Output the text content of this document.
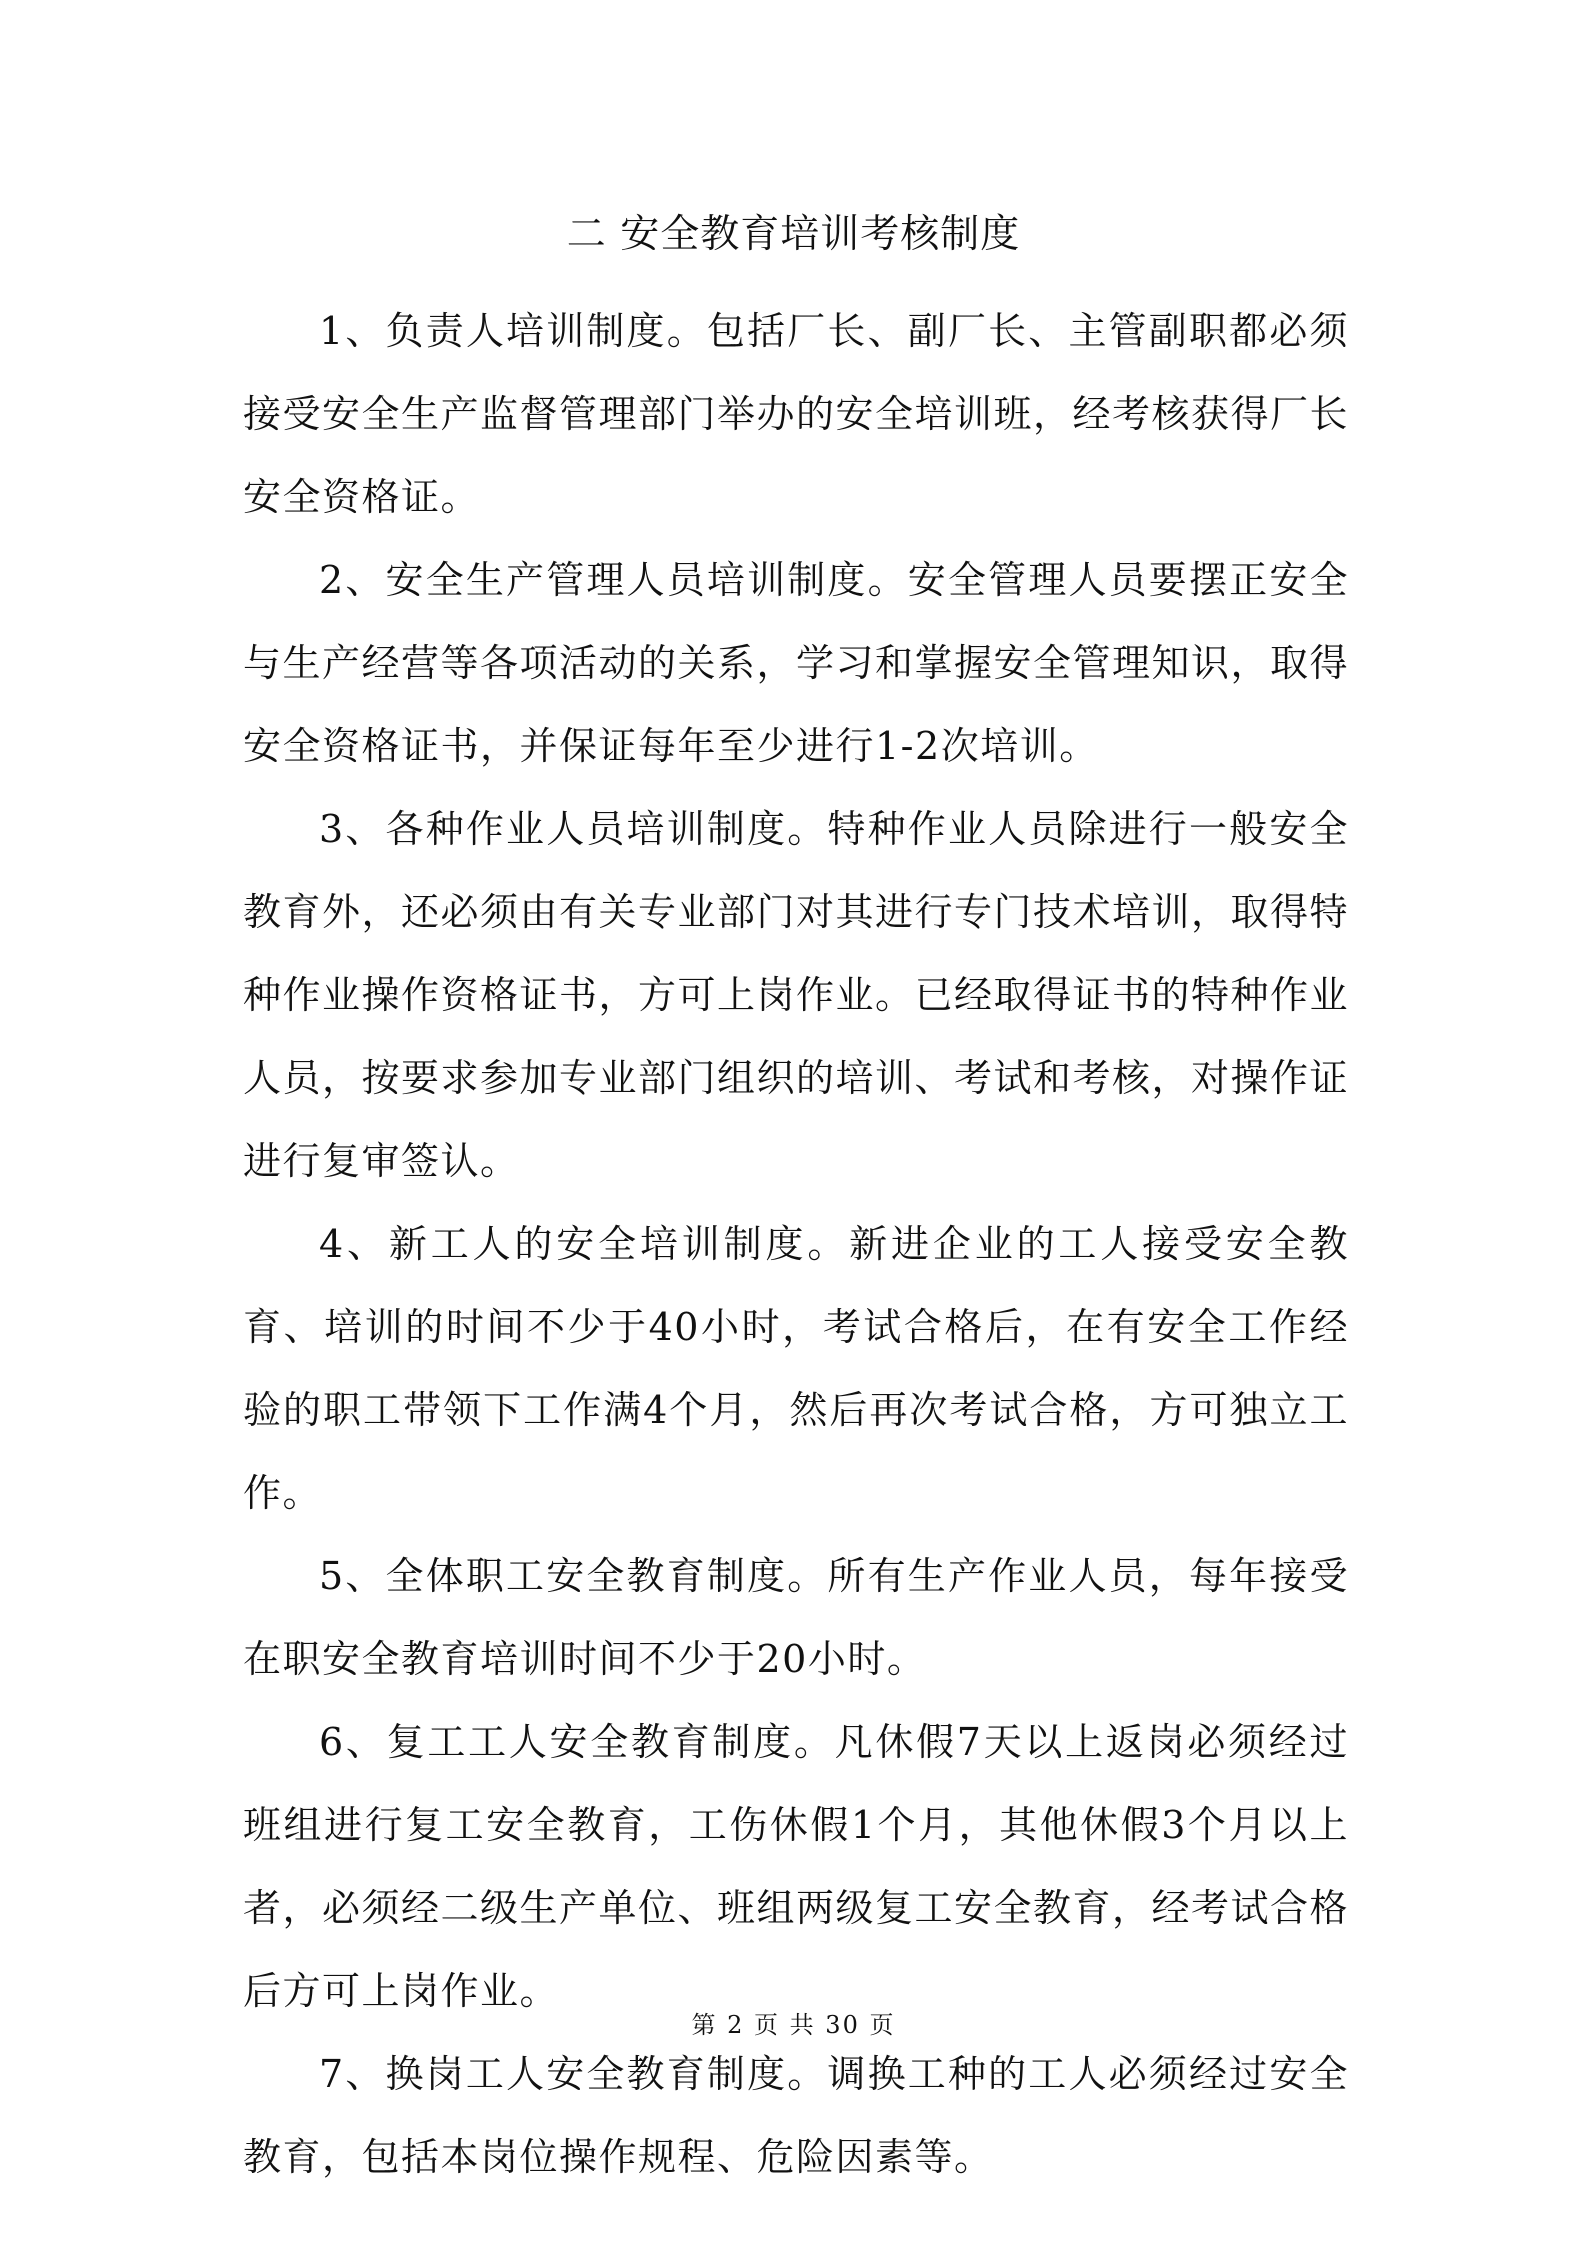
二 安全教育培训考核制度

1、负责人培训制度。包括厂长、副厂长、主管副职都必须接受安全生产监督管理部门举办的安全培训班，经考核获得厂长安全资格证。

2、安全生产管理人员培训制度。安全管理人员要摆正安全与生产经营等各项活动的关系，学习和掌握安全管理知识，取得安全资格证书，并保证每年至少进行1-2次培训。

3、各种作业人员培训制度。特种作业人员除进行一般安全教育外，还必须由有关专业部门对其进行专门技术培训，取得特种作业操作资格证书，方可上岗作业。已经取得证书的特种作业人员，按要求参加专业部门组织的培训、考试和考核，对操作证进行复审签认。

4、新工人的安全培训制度。新进企业的工人接受安全教育、培训的时间不少于40小时，考试合格后，在有安全工作经验的职工带领下工作满4个月，然后再次考试合格，方可独立工作。

5、全体职工安全教育制度。所有生产作业人员，每年接受在职安全教育培训时间不少于20小时。

6、复工工人安全教育制度。凡休假7天以上返岗必须经过班组进行复工安全教育，工伤休假1个月，其他休假3个月以上者，必须经二级生产单位、班组两级复工安全教育，经考试合格后方可上岗作业。

7、换岗工人安全教育制度。调换工种的工人必须经过安全教育，包括本岗位操作规程、危险因素等。

第 2 页 共 30 页
